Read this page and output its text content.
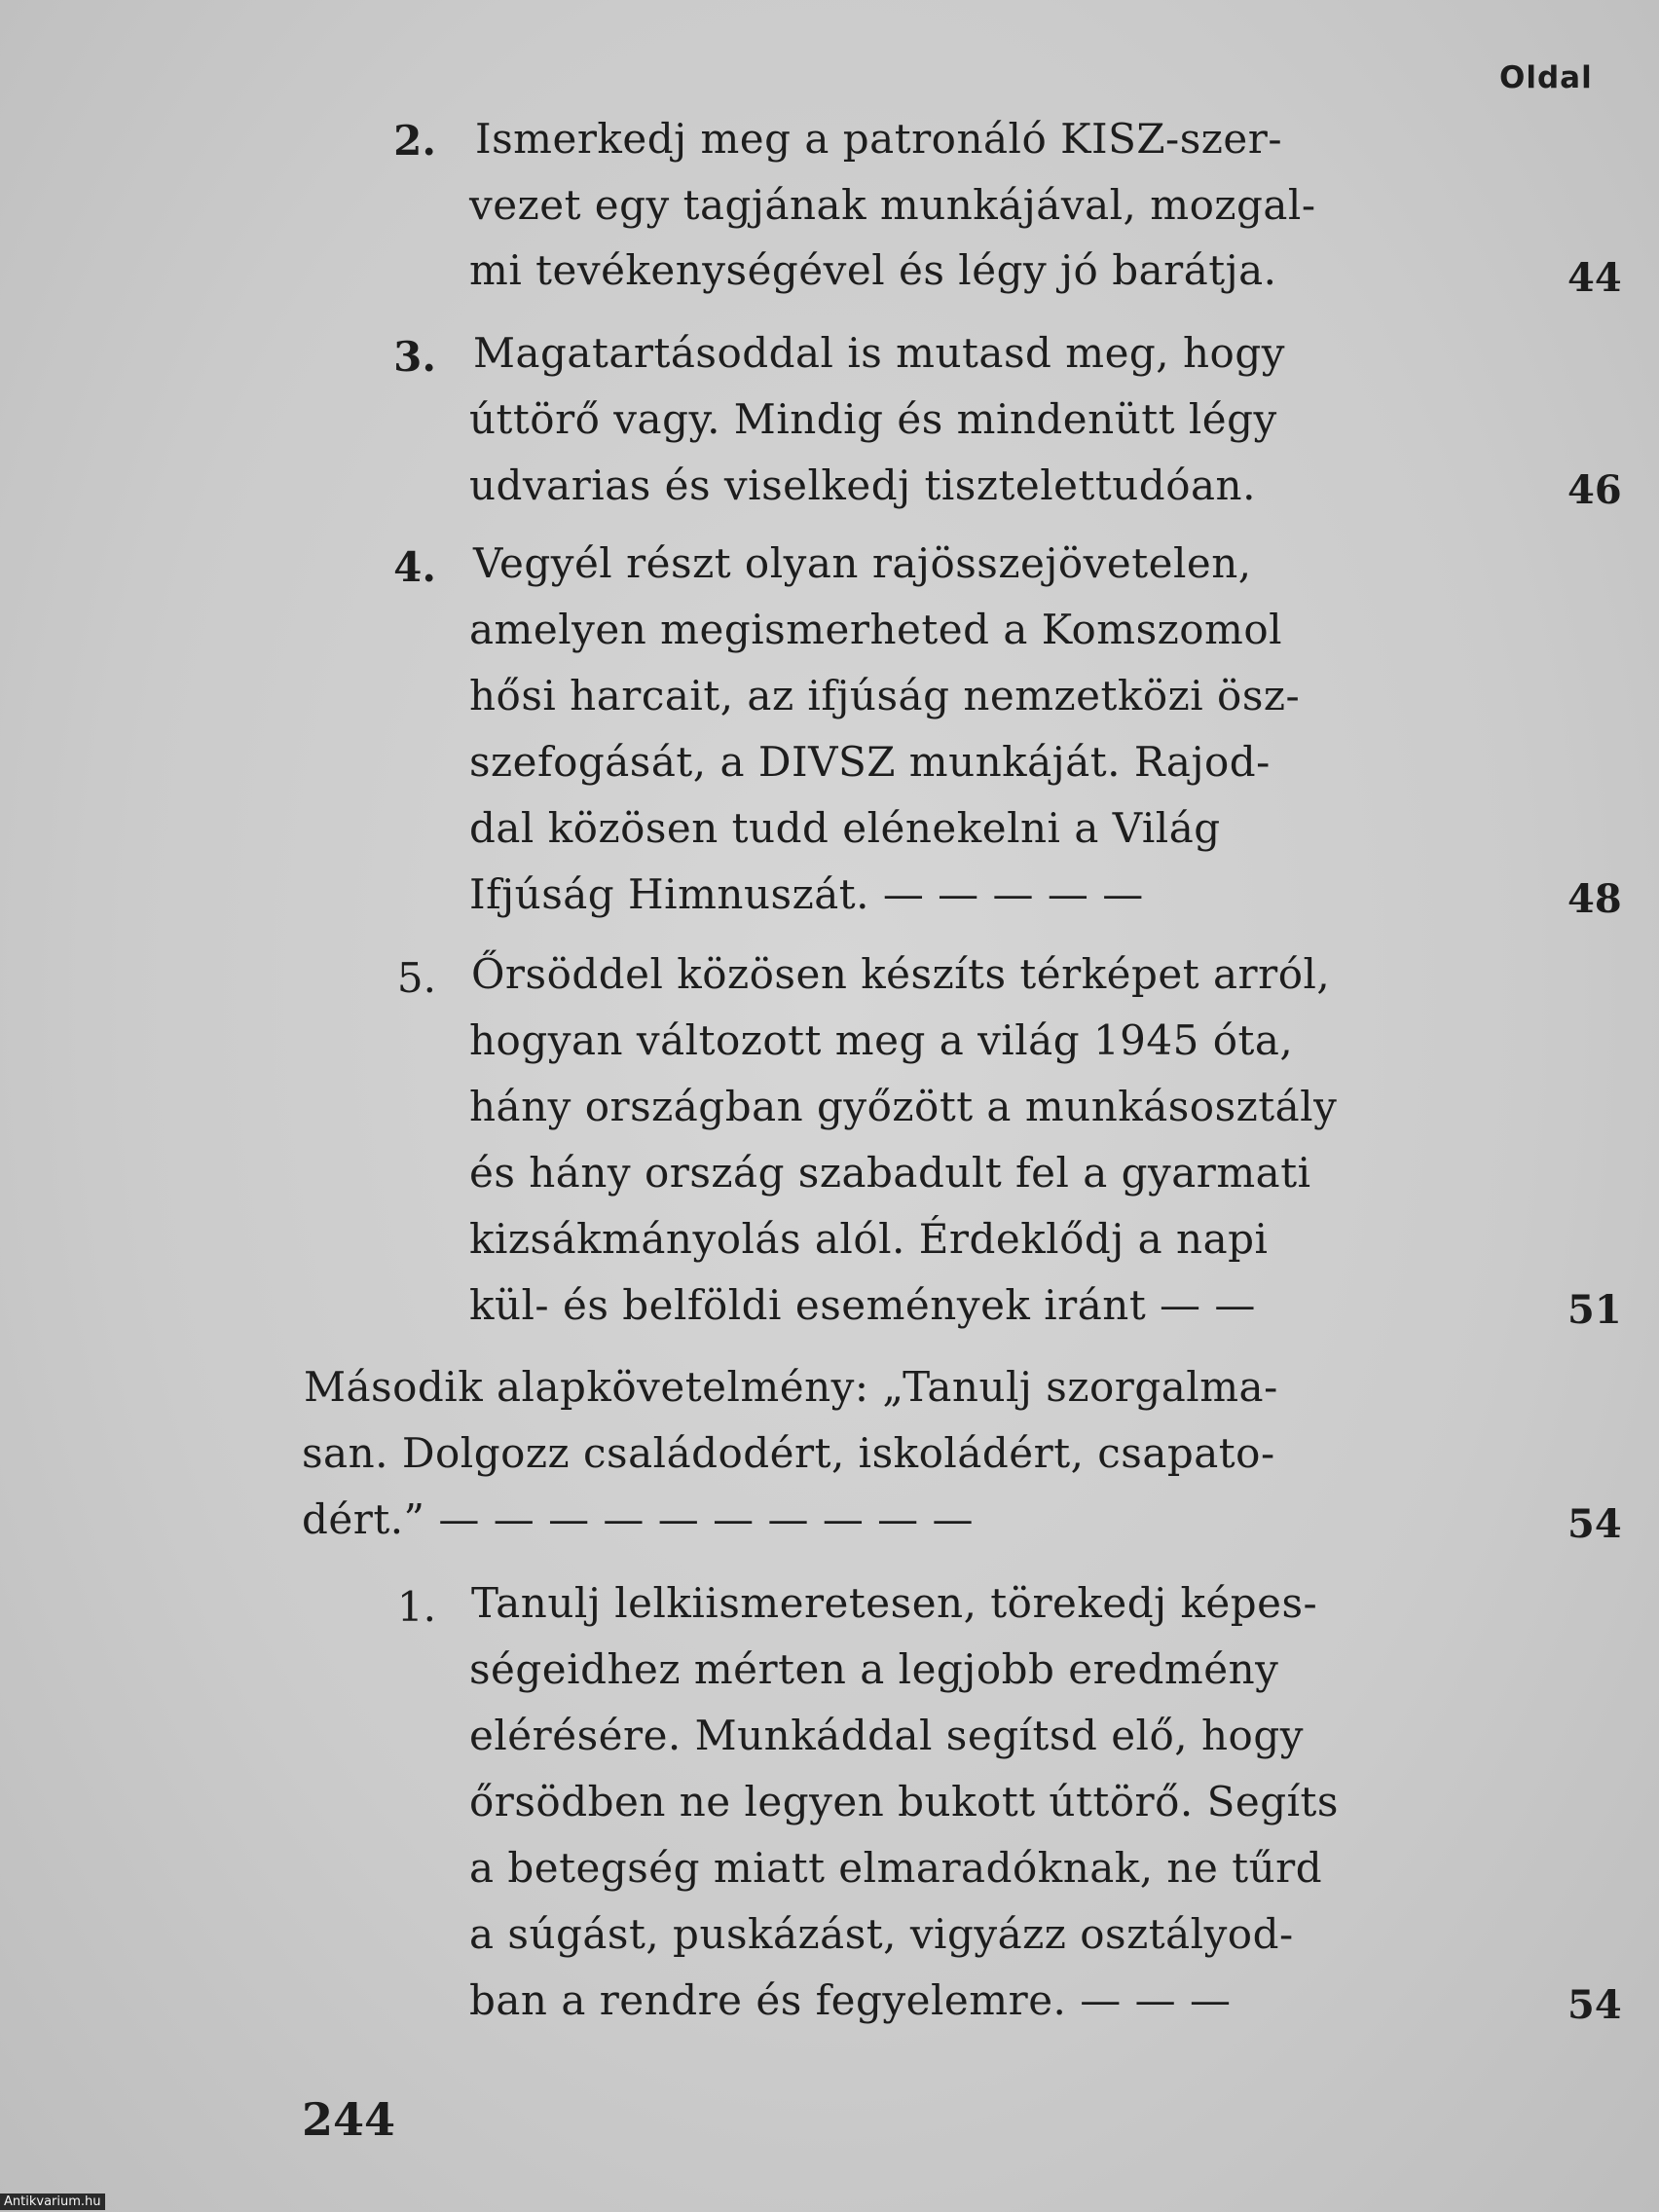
Oldal
2. Ismerkedj meg a patronáló KISZ-szer-
vezet egy tagjának munkájával, mozgal-
mi tevékenységével és légy jó barátja.	44
3. Magatartásoddal is mutasd meg, hogy
úttörő vagy. Mindig és mindenütt légy
udvarias és viselkedj tisztelettudóan.	46
4. Vegyél részt olyan rajösszejövetelen,
amelyen megismerheted a Komszomol
hősi harcait, az ifjúság nemzetközi ösz-
szefogását, a DIVSZ munkáját. Rajod-
dal közösen tudd elénekelni a Világ
Ifjúság Himnuszát. — — — — —	48
5. Őrsöddel közösen készíts térképet arról,
hogyan változott meg a világ 1945 óta,
hány országban győzött a munkásosztály
és hány ország szabadult fel a gyarmati
kizsákmányolás alól. Érdeklődj a napi
kül- és belföldi események iránt — —	51
Második alapkövetelmény: „Tanulj szorgalma-
san. Dolgozz családodért, iskoládért, csapato-
dért.” — — — — — — — — — —	54
1. Tanulj lelkiismeretesen, törekedj képes-
ségeidhez mérten a legjobb eredmény
elérésére. Munkáddal segítsd elő, hogy
őrsödben ne legyen bukott úttörő. Segíts
a betegség miatt elmaradóknak, ne tűrd
a súgást, puskázást, vigyázz osztályod-
ban a rendre és fegyelemre. — — —	54
244
Antikvarium.hu
